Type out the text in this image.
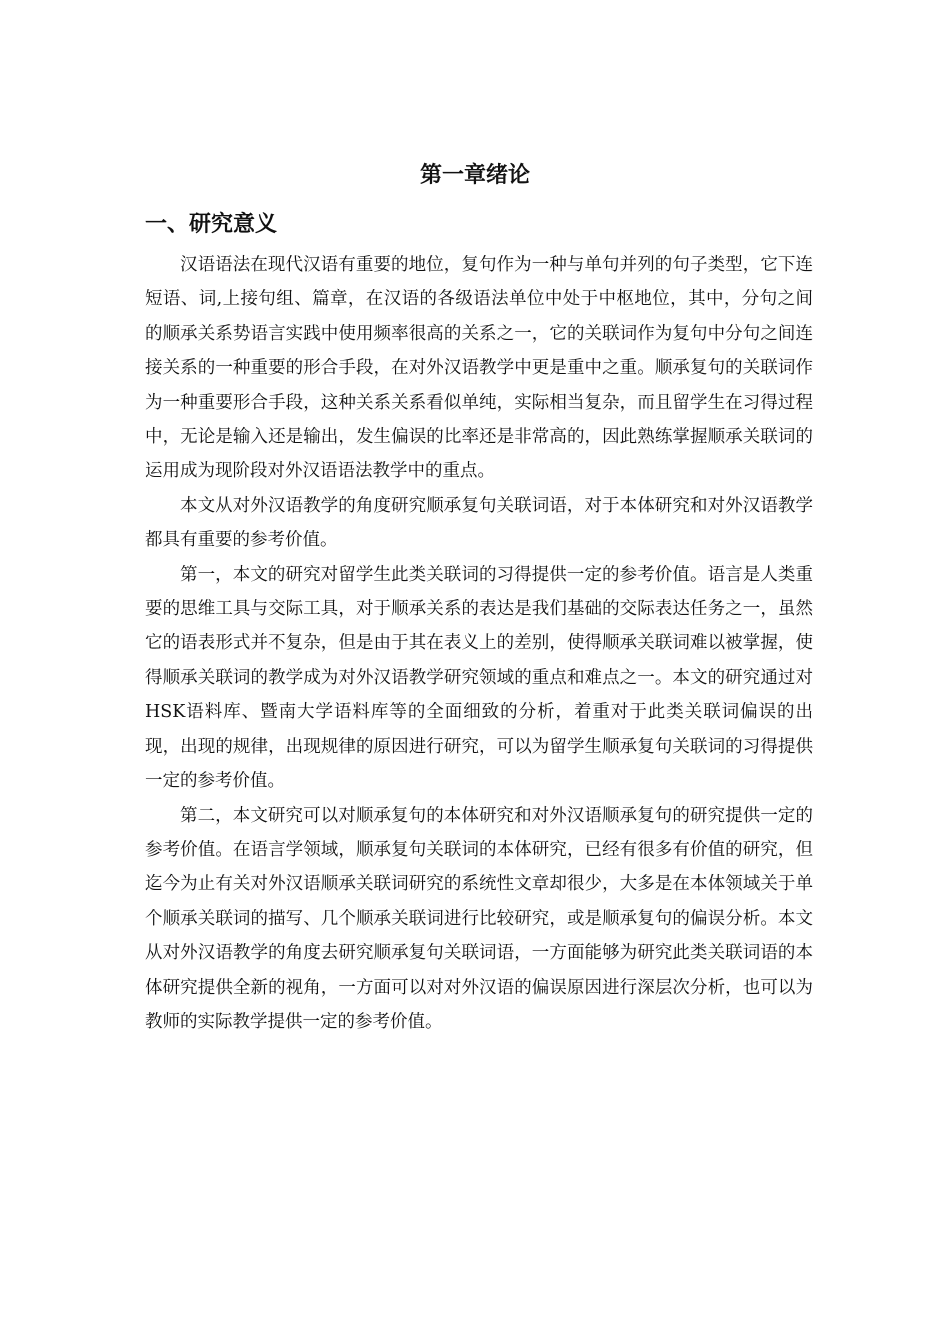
第一章绪论
一、研究意义

汉语语法在现代汉语有重要的地位，复句作为一种与单句并列的句子类型，它下连短语、词,上接句组、篇章，在汉语的各级语法单位中处于中枢地位，其中，分句之间的顺承关系势语言实践中使用频率很高的关系之一，它的关联词作为复句中分句之间连接关系的一种重要的形合手段，在对外汉语教学中更是重中之重。顺承复句的关联词作为一种重要形合手段，这种关系关系看似单纯，实际相当复杂，而且留学生在习得过程中，无论是输入还是输出，发生偏误的比率还是非常高的，因此熟练掌握顺承关联词的运用成为现阶段对外汉语语法教学中的重点。

本文从对外汉语教学的角度研究顺承复句关联词语，对于本体研究和对外汉语教学都具有重要的参考价值。

第一，本文的研究对留学生此类关联词的习得提供一定的参考价值。语言是人类重要的思维工具与交际工具，对于顺承关系的表达是我们基础的交际表达任务之一，虽然它的语表形式并不复杂，但是由于其在表义上的差别，使得顺承关联词难以被掌握，使得顺承关联词的教学成为对外汉语教学研究领域的重点和难点之一。本文的研究通过对HSK语料库、暨南大学语料库等的全面细致的分析，着重对于此类关联词偏误的出现，出现的规律，出现规律的原因进行研究，可以为留学生顺承复句关联词的习得提供一定的参考价值。

第二，本文研究可以对顺承复句的本体研究和对外汉语顺承复句的研究提供一定的参考价值。在语言学领域，顺承复句关联词的本体研究，已经有很多有价值的研究，但迄今为止有关对外汉语顺承关联词研究的系统性文章却很少，大多是在本体领域关于单个顺承关联词的描写、几个顺承关联词进行比较研究，或是顺承复句的偏误分析。本文从对外汉语教学的角度去研究顺承复句关联词语，一方面能够为研究此类关联词语的本体研究提供全新的视角，一方面可以对对外汉语的偏误原因进行深层次分析，也可以为教师的实际教学提供一定的参考价值。
